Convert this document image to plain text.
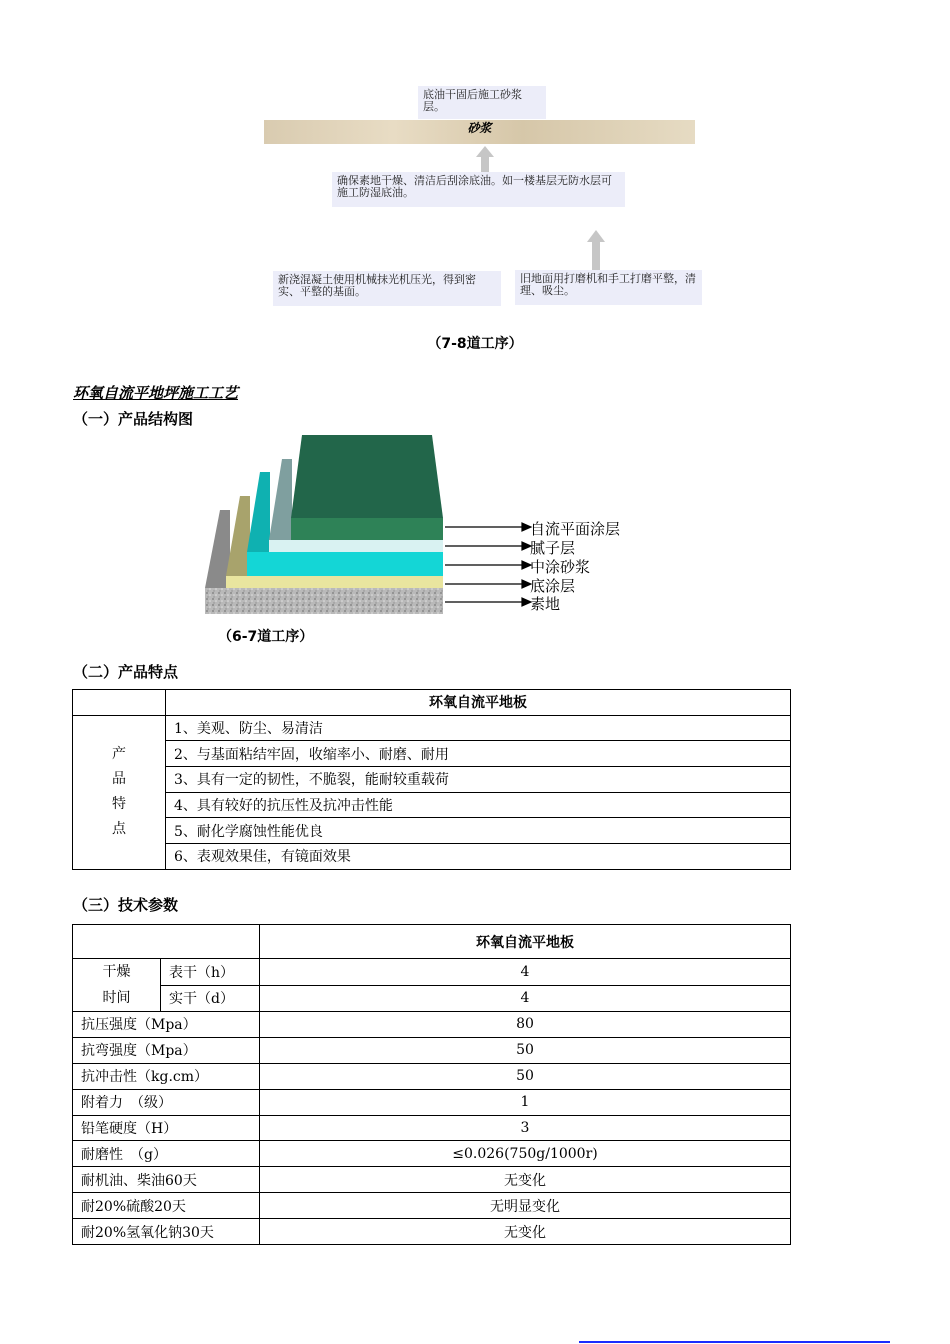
底油干固后施工砂浆层。
砂浆
确保素地干燥、清洁后刮涂底油。如一楼基层无防水层可施工防湿底油。
新浇混凝土使用机械抹光机压光，得到密实、平整的基面。
旧地面用打磨机和手工打磨平整，清理、吸尘。
（7-8道工序）
环氧自流平地坪施工工艺
（一）产品结构图
自流平面涂层
腻子层
中涂砂浆
底涂层
素地
（6-7道工序）
（二）产品特点
	环氧自流平地板
产
品
特
点	1、美观、防尘、易清洁
	2、与基面粘结牢固，收缩率小、耐磨、耐用
	3、具有一定的韧性，不脆裂，能耐较重载荷
	4、具有较好的抗压性及抗冲击性能
	5、耐化学腐蚀性能优良
	6、表观效果佳，有镜面效果
（三）技术参数
		环氧自流平地板
干燥
时间	表干（h）	4
	实干（d）	4
抗压强度（Mpa）		80
抗弯强度（Mpa）		50
抗冲击性（kg.cm）		50
附着力　（级）		1
铅笔硬度（H）		3
耐磨性　（g）		≤0.026(750g/1000r)
耐机油、柴油60天		无变化
耐20%硫酸20天		无明显变化
耐20%氢氧化钠30天		无变化
